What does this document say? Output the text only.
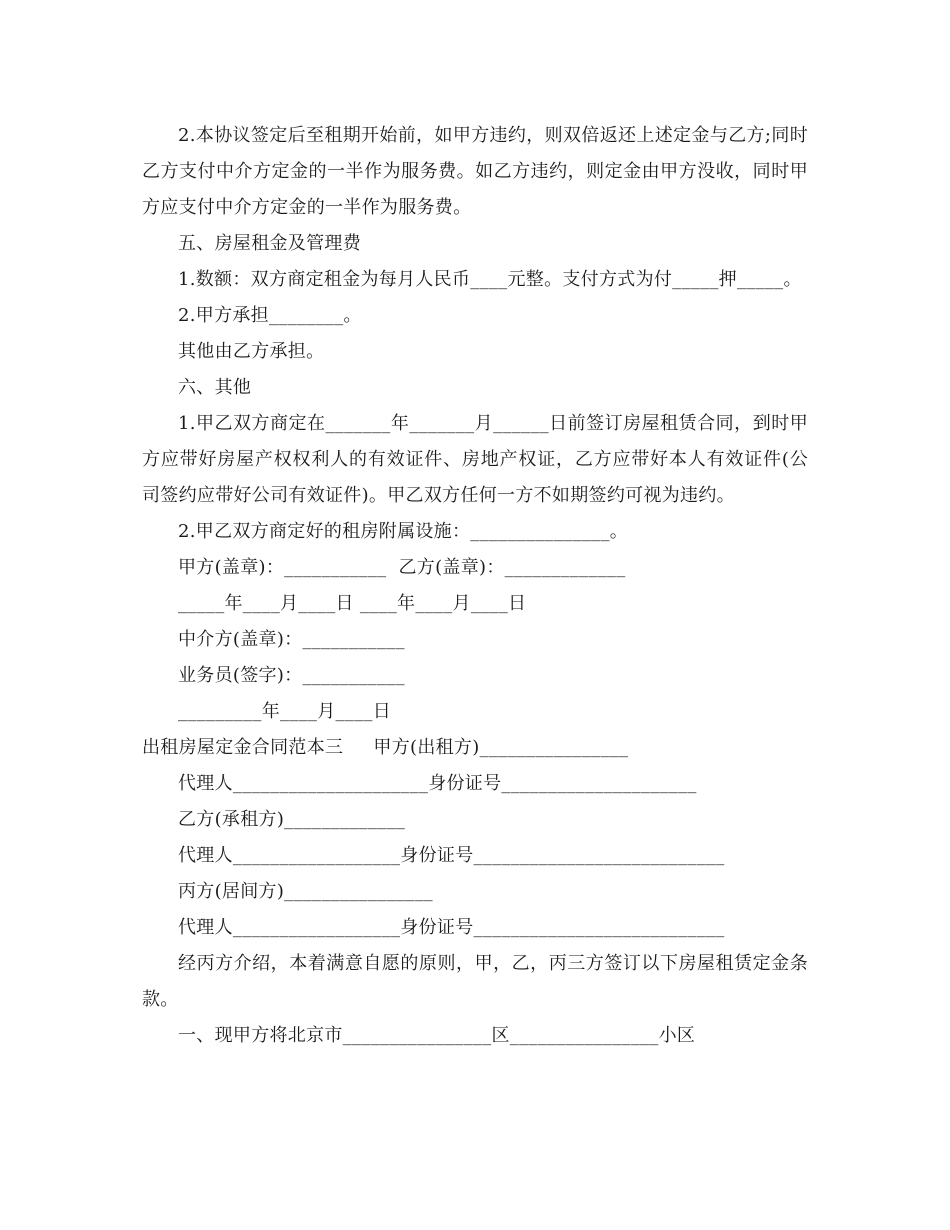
2.本协议签定后至租期开始前，如甲方违约，则双倍返还上述定金与乙方;同时乙方支付中介方定金的一半作为服务费。如乙方违约，则定金由甲方没收，同时甲方应支付中介方定金的一半作为服务费。

五、房屋租金及管理费

1.数额：双方商定租金为每月人民币____元整。支付方式为付_____押_____。

2.甲方承担________。

其他由乙方承担。

六、其他

1.甲乙双方商定在_______年_______月______日前签订房屋租赁合同，到时甲方应带好房屋产权权利人的有效证件、房地产权证，乙方应带好本人有效证件(公司签约应带好公司有效证件)。甲乙双方任何一方不如期签约可视为违约。

2.甲乙双方商定好的租房附属设施：_______________。

甲方(盖章)：___________  乙方(盖章)：_____________

_____年____月____日 ____年____月____日

中介方(盖章)：___________

业务员(签字)：___________

_________年____月____日

出租房屋定金合同范本三     甲方(出租方)________________

代理人_____________________身份证号_____________________

乙方(承租方)_____________

代理人__________________身份证号___________________________

丙方(居间方)________________

代理人__________________身份证号___________________________

经丙方介绍，本着满意自愿的原则，甲，乙，丙三方签订以下房屋租赁定金条款。

一、现甲方将北京市________________区________________小区
